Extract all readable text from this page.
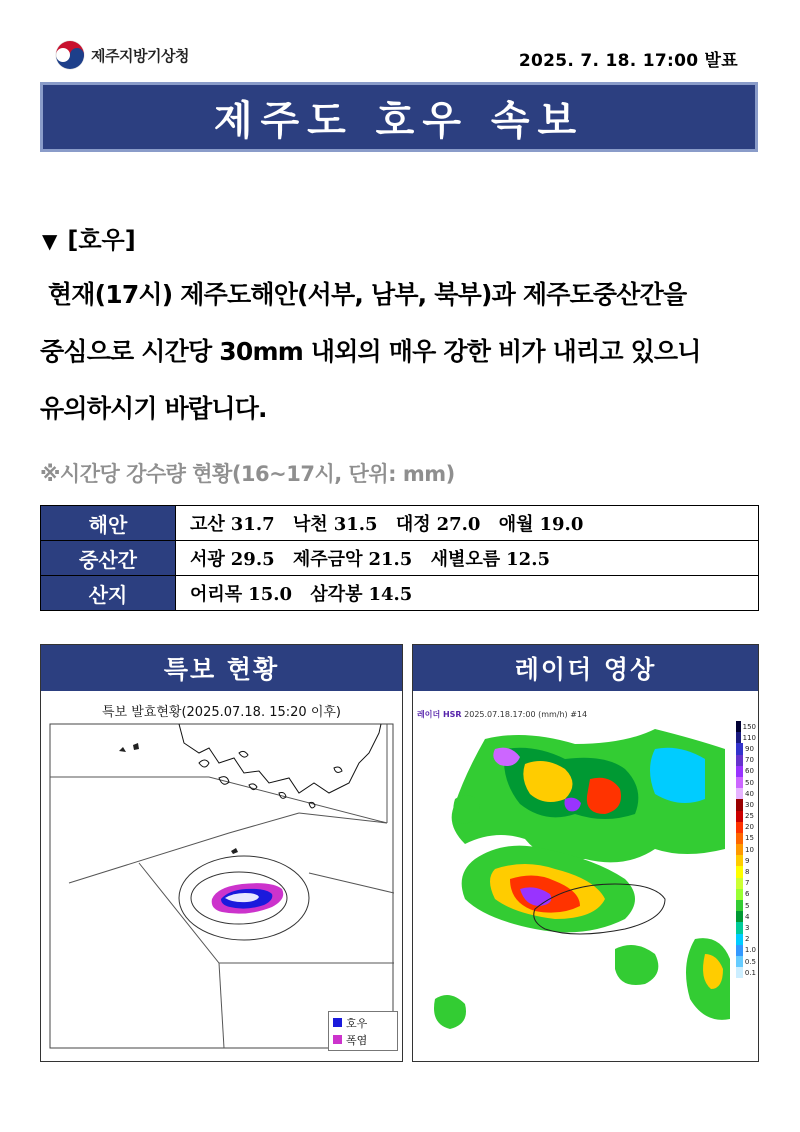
제주지방기상청	2025. 7. 18. 17:00 발표
제주도 호우 속보
▼ [호우]

현재(17시) 제주도해안(서부, 남부, 북부)과 제주도중산간을

중심으로 시간당 30mm 내외의 매우 강한 비가 내리고 있으니

유의하시기 바랍니다.

※시간당 강수량 현황(16~17시, 단위: mm)
해안	고산 31.7 낙천 31.5 대정 27.0 애월 19.0
중산간	서광 29.5 제주금악 21.5 새별오름 12.5
산지	어리목 15.0 삼각봉 14.5
특보 현황
특보 발효현황(2025.07.18. 15:20 이후)
호우
폭염
레이더 영상
레이더 HSR 2025.07.18.17:00 (mm/h) #14
150
110
90
70
60
50
40
30
25
20
15
10
9
8
7
6
5
4
3
2
1.0
0.5
0.1
